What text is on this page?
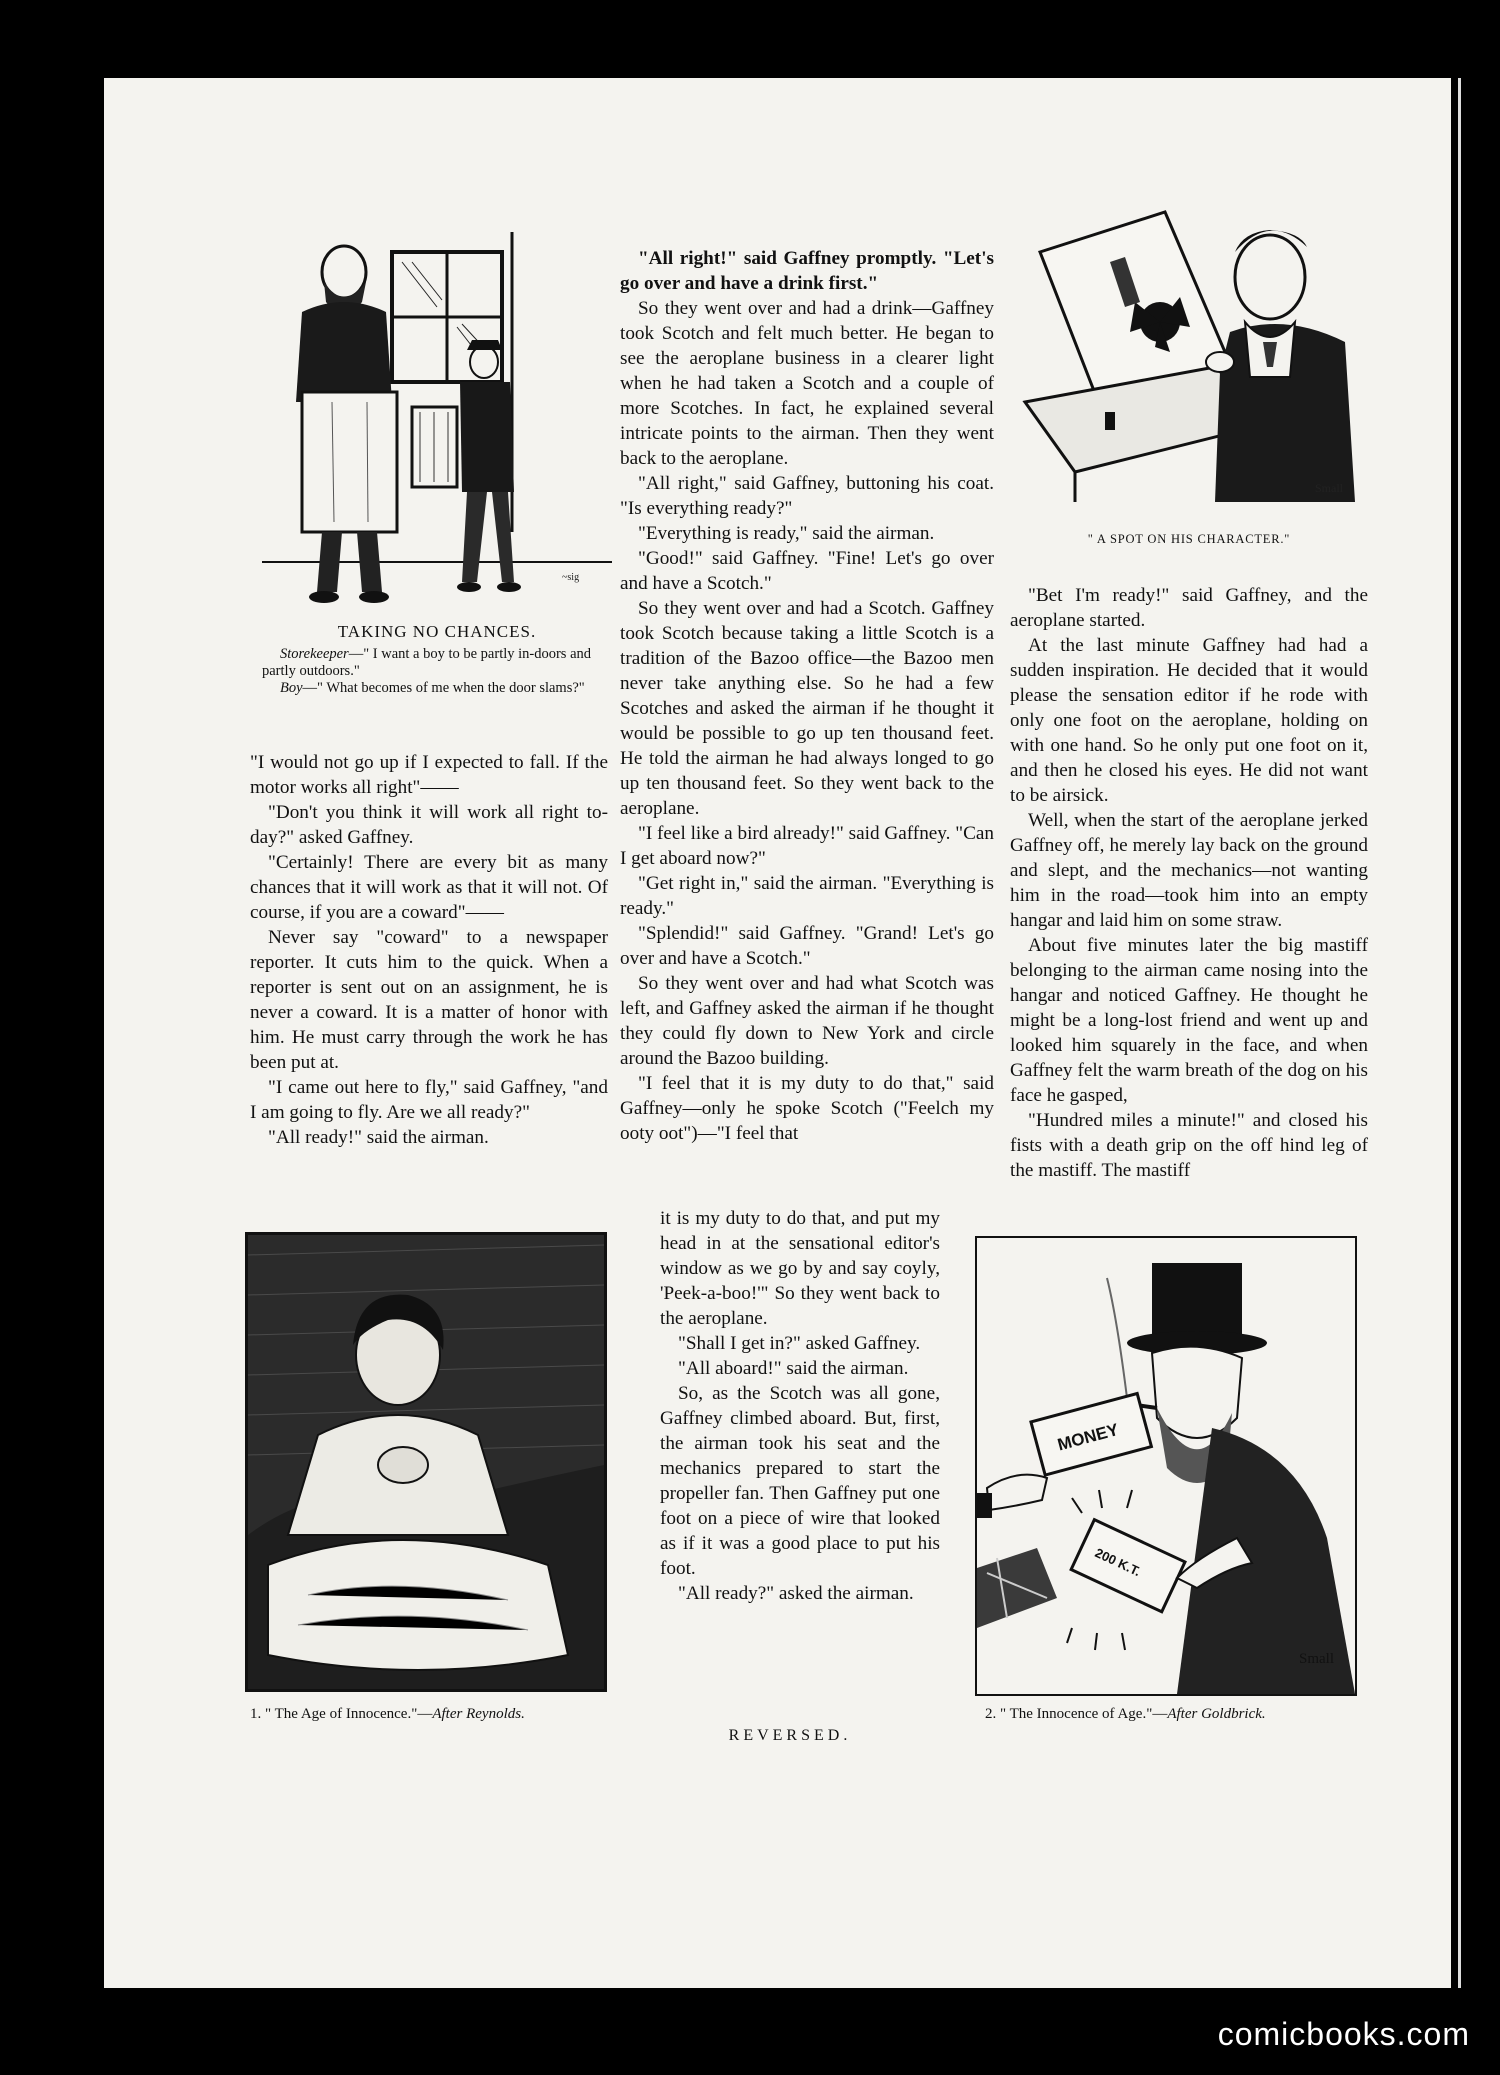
~sig
TAKING NO CHANCES.
Storekeeper—" I want a boy to be partly in-doors and partly outdoors."
Boy—" What becomes of me when the door slams?"

"I would not go up if I expected to fall. If the motor works all right"——

"Don't you think it will work all right to-day?" asked Gaffney.

"Certainly! There are every bit as many chances that it will work as that it will not. Of course, if you are a coward"——

Never say "coward" to a newspaper reporter. It cuts him to the quick. When a reporter is sent out on an assignment, he is never a coward. It is a matter of honor with him. He must carry through the work he has been put at.

"I came out here to fly," said Gaffney, "and I am going to fly. Are we all ready?"

"All ready!" said the airman.

"All right!" said Gaffney promptly. "Let's go over and have a drink first."

So they went over and had a drink—Gaffney took Scotch and felt much better. He began to see the aeroplane business in a clearer light when he had taken a Scotch and a couple of more Scotches. In fact, he explained several intricate points to the airman. Then they went back to the aeroplane.

"All right," said Gaffney, buttoning his coat. "Is everything ready?"

"Everything is ready," said the airman.

"Good!" said Gaffney. "Fine! Let's go over and have a Scotch."

So they went over and had a Scotch. Gaffney took Scotch because taking a little Scotch is a tradition of the Bazoo office—the Bazoo men never take anything else. So he had a few Scotches and asked the airman if he thought it would be possible to go up ten thousand feet. He told the airman he had always longed to go up ten thousand feet. So they went back to the aeroplane.

"I feel like a bird already!" said Gaffney. "Can I get aboard now?"

"Get right in," said the airman. "Everything is ready."

"Splendid!" said Gaffney. "Grand! Let's go over and have a Scotch."

So they went over and had what Scotch was left, and Gaffney asked the airman if he thought they could fly down to New York and circle around the Bazoo building.

"I feel that it is my duty to do that," said Gaffney—only he spoke Scotch ("Feelch my ooty oot")—"I feel that

it is my duty to do that, and put my head in at the sensational editor's window as we go by and say coyly, 'Peek-a-boo!'" So they went back to the aeroplane.

"Shall I get in?" asked Gaffney.

"All aboard!" said the airman.

So, as the Scotch was all gone, Gaffney climbed aboard. But, first, the airman took his seat and the mechanics prepared to start the propeller fan. Then Gaffney put one foot on a piece of wire that looked as if it was a good place to put his foot.

"All ready?" asked the airman.

Small
" A SPOT ON HIS CHARACTER."

"Bet I'm ready!" said Gaffney, and the aeroplane started.

At the last minute Gaffney had had a sudden inspiration. He decided that it would please the sensation editor if he rode with only one foot on the aeroplane, holding on with one hand. So he only put one foot on it, and then he closed his eyes. He did not want to be airsick.

Well, when the start of the aeroplane jerked Gaffney off, he merely lay back on the ground and slept, and the mechanics—not wanting him in the road—took him into an empty hangar and laid him on some straw.

About five minutes later the big mastiff belonging to the airman came nosing into the hangar and noticed Gaffney. He thought he might be a long-lost friend and went up and looked him squarely in the face, and when Gaffney felt the warm breath of the dog on his face he gasped,

"Hundred miles a minute!" and closed his fists with a death grip on the off hind leg of the mastiff. The mastiff

1. " The Age of Innocence."—After Reynolds.
MONEY
200 K.T.
Small
2. " The Innocence of Age."—After Goldbrick.
REVERSED.
comicbooks.com
